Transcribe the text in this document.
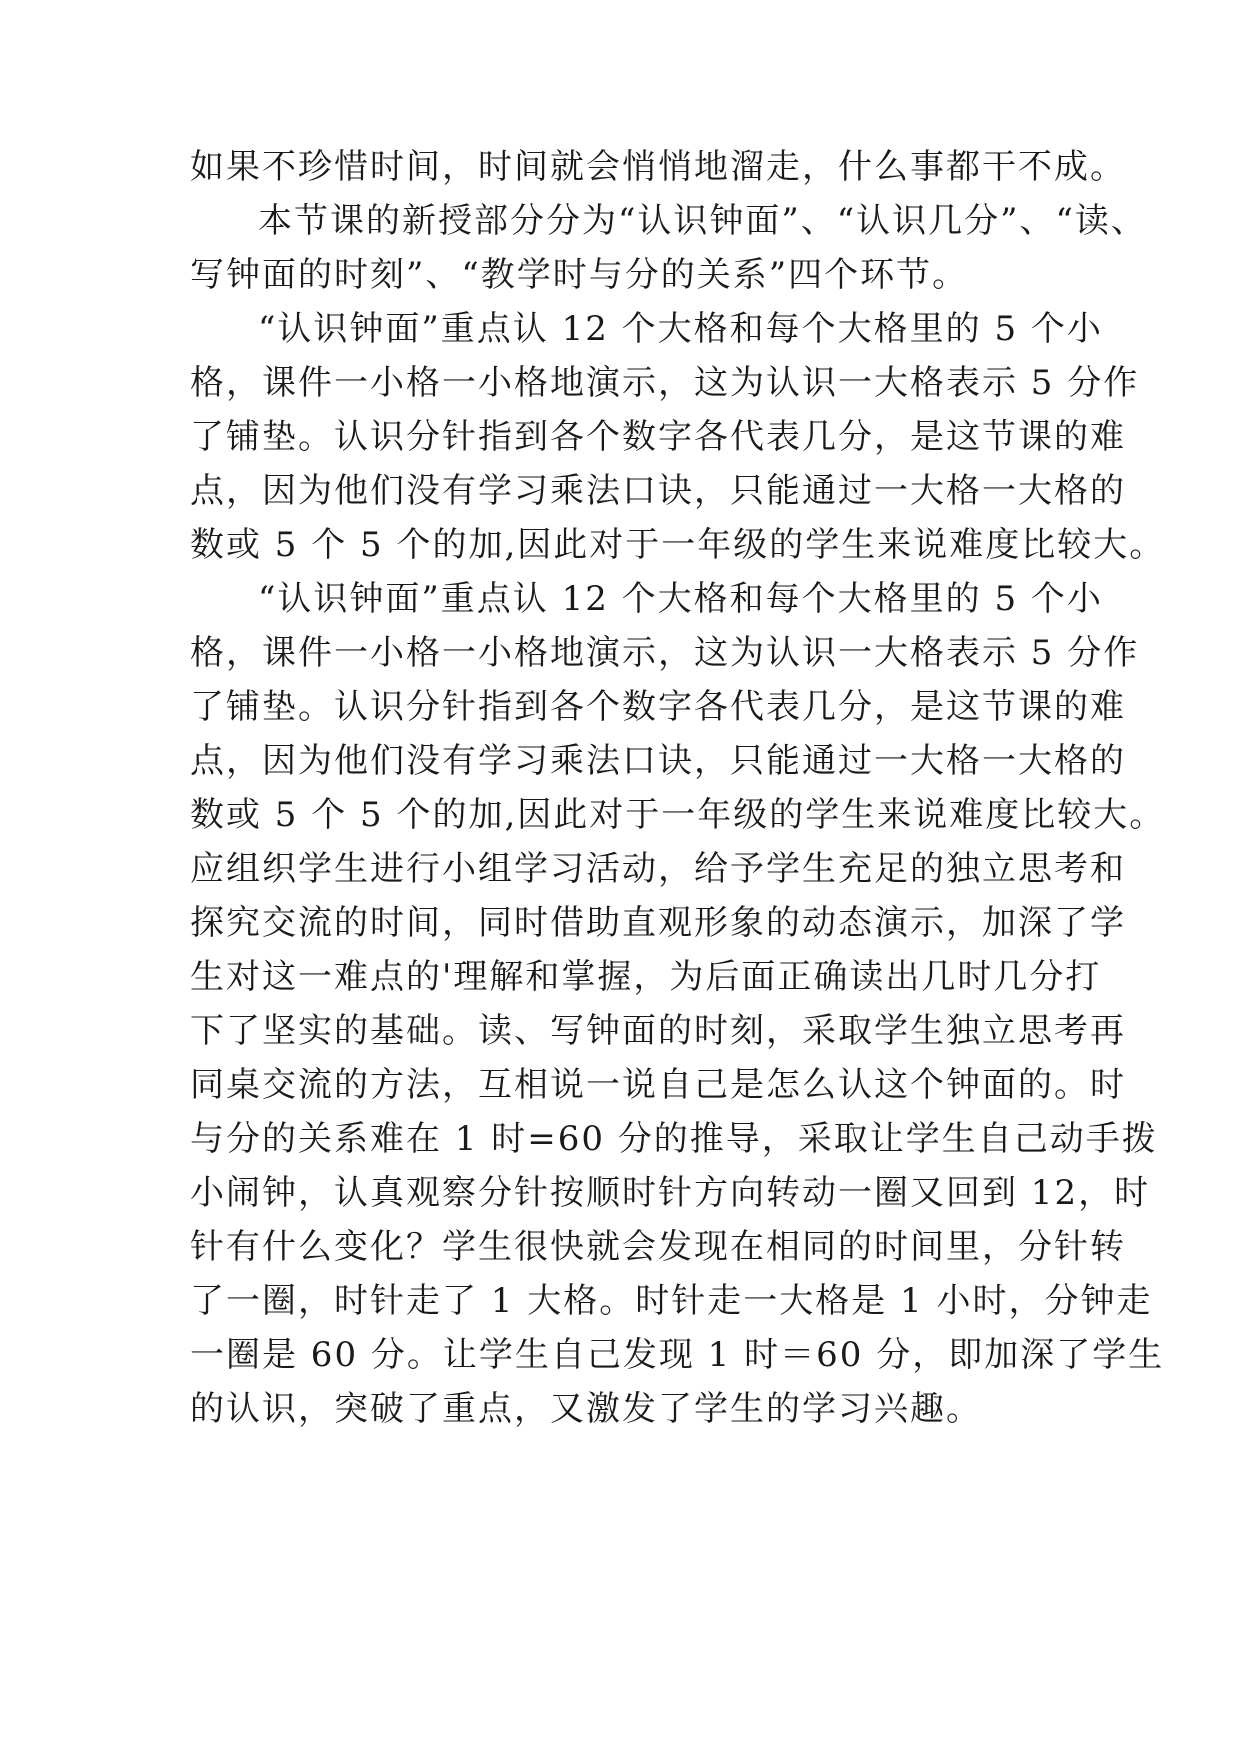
如果不珍惜时间，时间就会悄悄地溜走，什么事都干不成。
本节课的新授部分分为“认识钟面”、“认识几分”、“读、
写钟面的时刻”、“教学时与分的关系”四个环节。
“认识钟面”重点认 12 个大格和每个大格里的 5 个小
格，课件一小格一小格地演示，这为认识一大格表示 5 分作
了铺垫。认识分针指到各个数字各代表几分，是这节课的难
点，因为他们没有学习乘法口诀，只能通过一大格一大格的
数或 5 个 5 个的加,因此对于一年级的学生来说难度比较大。
“认识钟面”重点认 12 个大格和每个大格里的 5 个小
格，课件一小格一小格地演示，这为认识一大格表示 5 分作
了铺垫。认识分针指到各个数字各代表几分，是这节课的难
点，因为他们没有学习乘法口诀，只能通过一大格一大格的
数或 5 个 5 个的加,因此对于一年级的学生来说难度比较大。
应组织学生进行小组学习活动，给予学生充足的独立思考和
探究交流的时间，同时借助直观形象的动态演示，加深了学
生对这一难点的'理解和掌握，为后面正确读出几时几分打
下了坚实的基础。读、写钟面的时刻，采取学生独立思考再
同桌交流的方法，互相说一说自己是怎么认这个钟面的。时
与分的关系难在 1 时=60 分的推导，采取让学生自己动手拨
小闹钟，认真观察分针按顺时针方向转动一圈又回到 12，时
针有什么变化？学生很快就会发现在相同的时间里，分针转
了一圈，时针走了 1 大格。时针走一大格是 1 小时，分钟走
一圈是 60 分。让学生自己发现 1 时＝60 分，即加深了学生
的认识，突破了重点，又激发了学生的学习兴趣。
